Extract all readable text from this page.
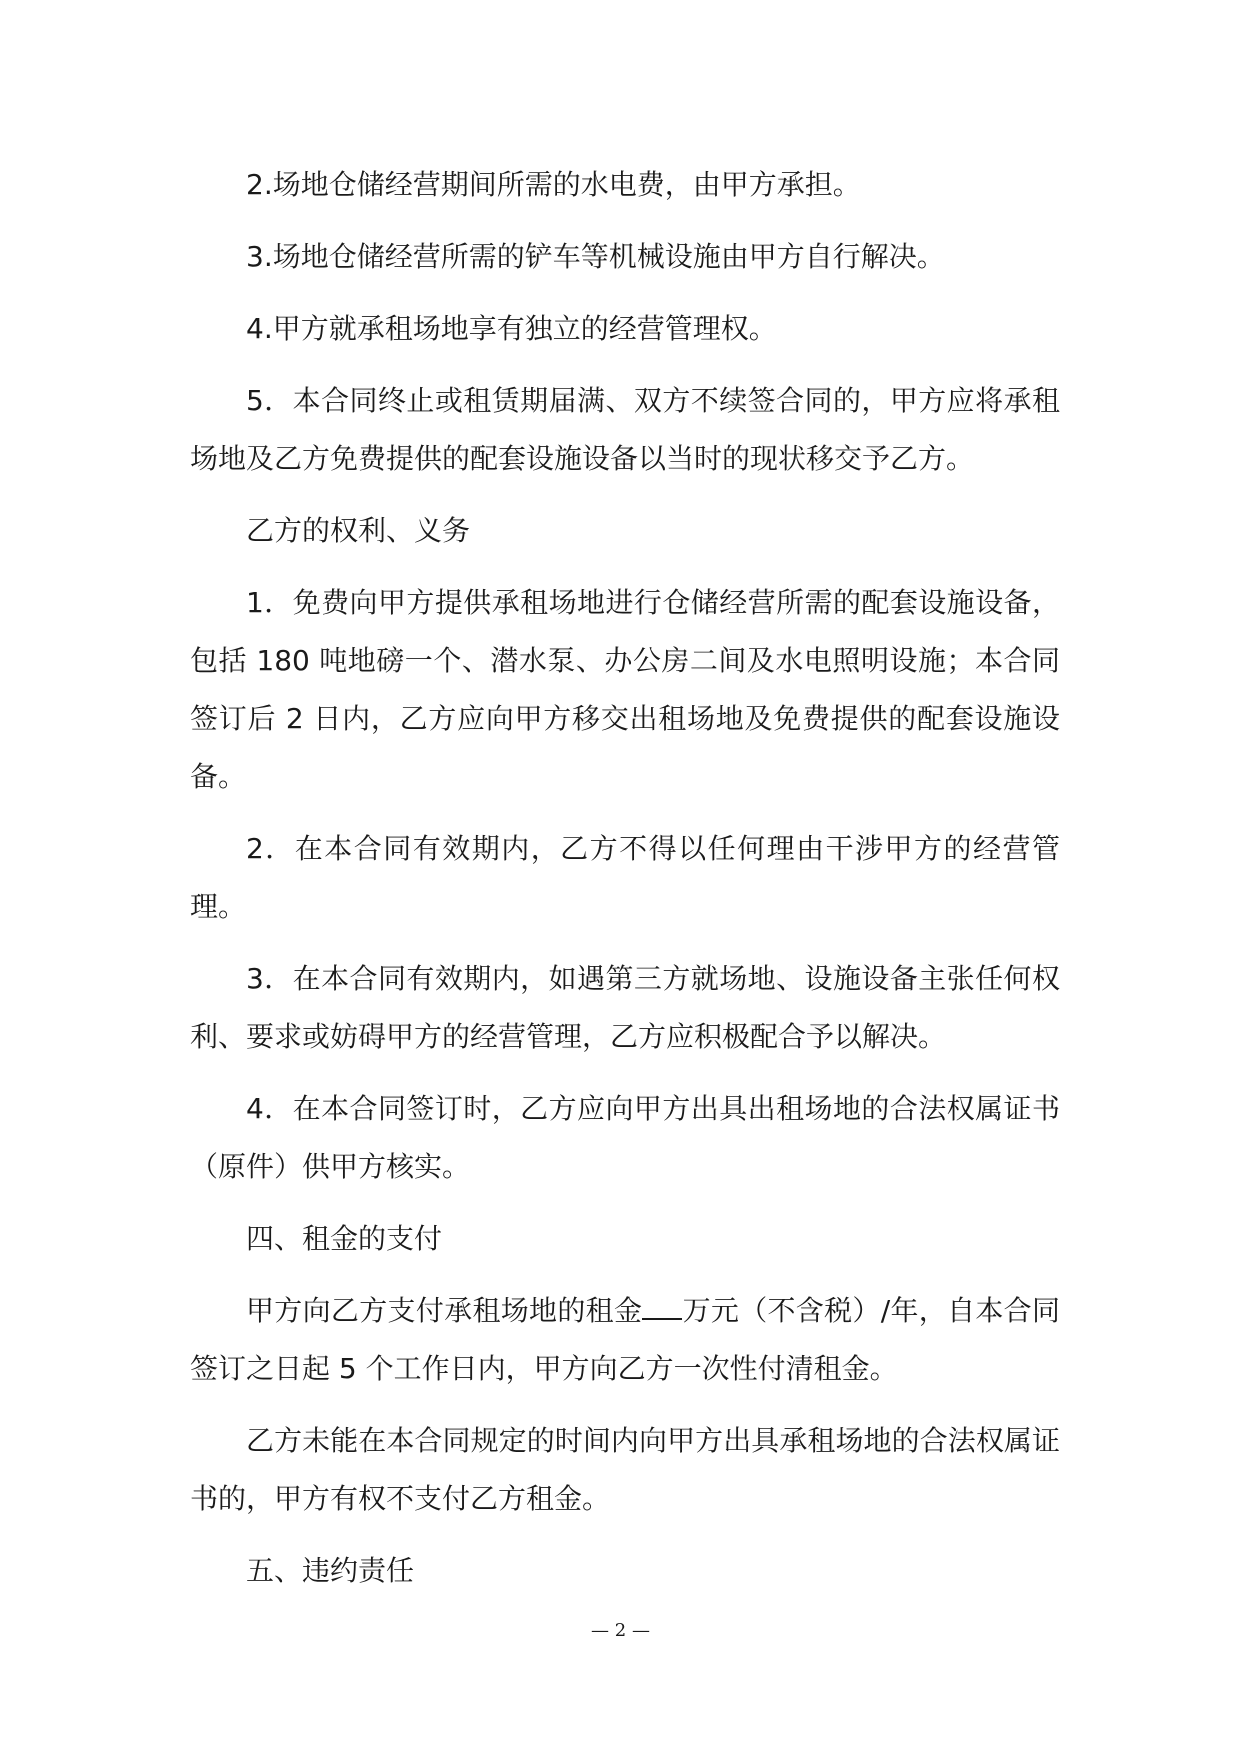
2.场地仓储经营期间所需的水电费，由甲方承担。

3.场地仓储经营所需的铲车等机械设施由甲方自行解决。

4.甲方就承租场地享有独立的经营管理权。

5．本合同终止或租赁期届满、双方不续签合同的，甲方应将承租场地及乙方免费提供的配套设施设备以当时的现状移交予乙方。

乙方的权利、义务

1．免费向甲方提供承租场地进行仓储经营所需的配套设施设备，包括 180 吨地磅一个、潜水泵、办公房二间及水电照明设施；本合同签订后 2 日内，乙方应向甲方移交出租场地及免费提供的配套设施设备。

2．在本合同有效期内，乙方不得以任何理由干涉甲方的经营管理。

3．在本合同有效期内，如遇第三方就场地、设施设备主张任何权利、要求或妨碍甲方的经营管理，乙方应积极配合予以解决。

4．在本合同签订时，乙方应向甲方出具出租场地的合法权属证书（原件）供甲方核实。

四、租金的支付

甲方向乙方支付承租场地的租金 万元（不含税）/年，自本合同签订之日起 5 个工作日内，甲方向乙方一次性付清租金。

乙方未能在本合同规定的时间内向甲方出具承租场地的合法权属证书的，甲方有权不支付乙方租金。

五、违约责任

— 2 —
